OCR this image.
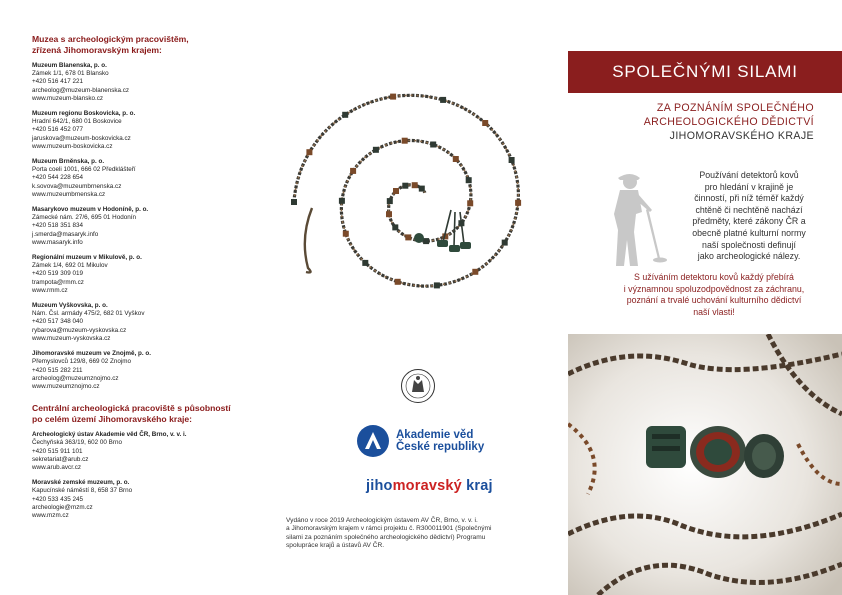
Muzea s archeologickým pracovištěm,
zřízená Jihomoravským krajem:
Muzeum Blanenska, p. o.
Zámek 1/1, 678 01 Blansko
+420 516 417 221
archeolog@muzeum-blanenska.cz
www.muzeum-blansko.cz
Muzeum regionu Boskovicka, p. o.
Hradní 642/1, 680 01 Boskovice
+420 516 452 077
jaruskova@muzeum-boskovicka.cz
www.muzeum-boskovicka.cz
Muzeum Brněnska, p. o.
Porta coeli 1001, 666 02 Předklášteří
+420 544 228 654
k.sovova@muzeumbrnenska.cz
www.muzeumbrnenska.cz
Masarykovo muzeum v Hodoníně, p. o.
Zámecké nám. 27/6, 695 01 Hodonín
+420 518 351 834
j.smerda@masaryk.info
www.masaryk.info
Regionální muzeum v Mikulově, p. o.
Zámek 1/4, 692 01 Mikulov
+420 519 309 019
trampota@rmm.cz
www.rmm.cz
Muzeum Vyškovska, p. o.
Nám. Čsl. armády 475/2, 682 01 Vyškov
+420 517 348 040
rybarova@muzeum-vyskovska.cz
www.muzeum-vyskovska.cz
Jihomoravské muzeum ve Znojmě, p. o.
Přemyslovců 129/8, 669 02 Znojmo
+420 515 282 211
archeolog@muzeumznojmo.cz
www.muzeumznojmo.cz
Centrální archeologická pracoviště s působností
po celém území Jihomoravského kraje:
Archeologický ústav Akademie věd ČR, Brno, v. v. i.
Čechyňská 363/19, 602 00 Brno
+420 515 911 101
sekretariat@arub.cz
www.arub.avcr.cz
Moravské zemské muzeum, p. o.
Kapucínské náměstí 8, 658 37 Brno
+420 533 435 245
archeologie@mzm.cz
www.mzm.cz
Akademie věd
České republiky
jihomoravský kraj
Vydáno v roce 2019 Archeologickým ústavem AV ČR, Brno, v. v. i.
a Jihomoravským krajem v rámci projektu č. R300011901 (Společnými
silami za poznáním společného archeologického dědictví) Programu
spolupráce krajů a ústavů AV ČR.
SPOLEČNÝMI SILAMI
ZA POZNÁNÍM SPOLEČNÉHO
ARCHEOLOGICKÉHO DĚDICTVÍ
JIHOMORAVSKÉHO KRAJE
Používání detektorů kovů
pro hledání v krajině je
činností, při níž téměř každý
chtěně či nechtěně nachází
předměty, které zákony ČR a
obecně platné kulturní normy
naší společnosti definují
jako archeologické nálezy.
S užíváním detektoru kovů každý přebírá
i významnou spoluzodpovědnost za záchranu,
poznání a trvalé uchování kulturního dědictví
naší vlasti!
